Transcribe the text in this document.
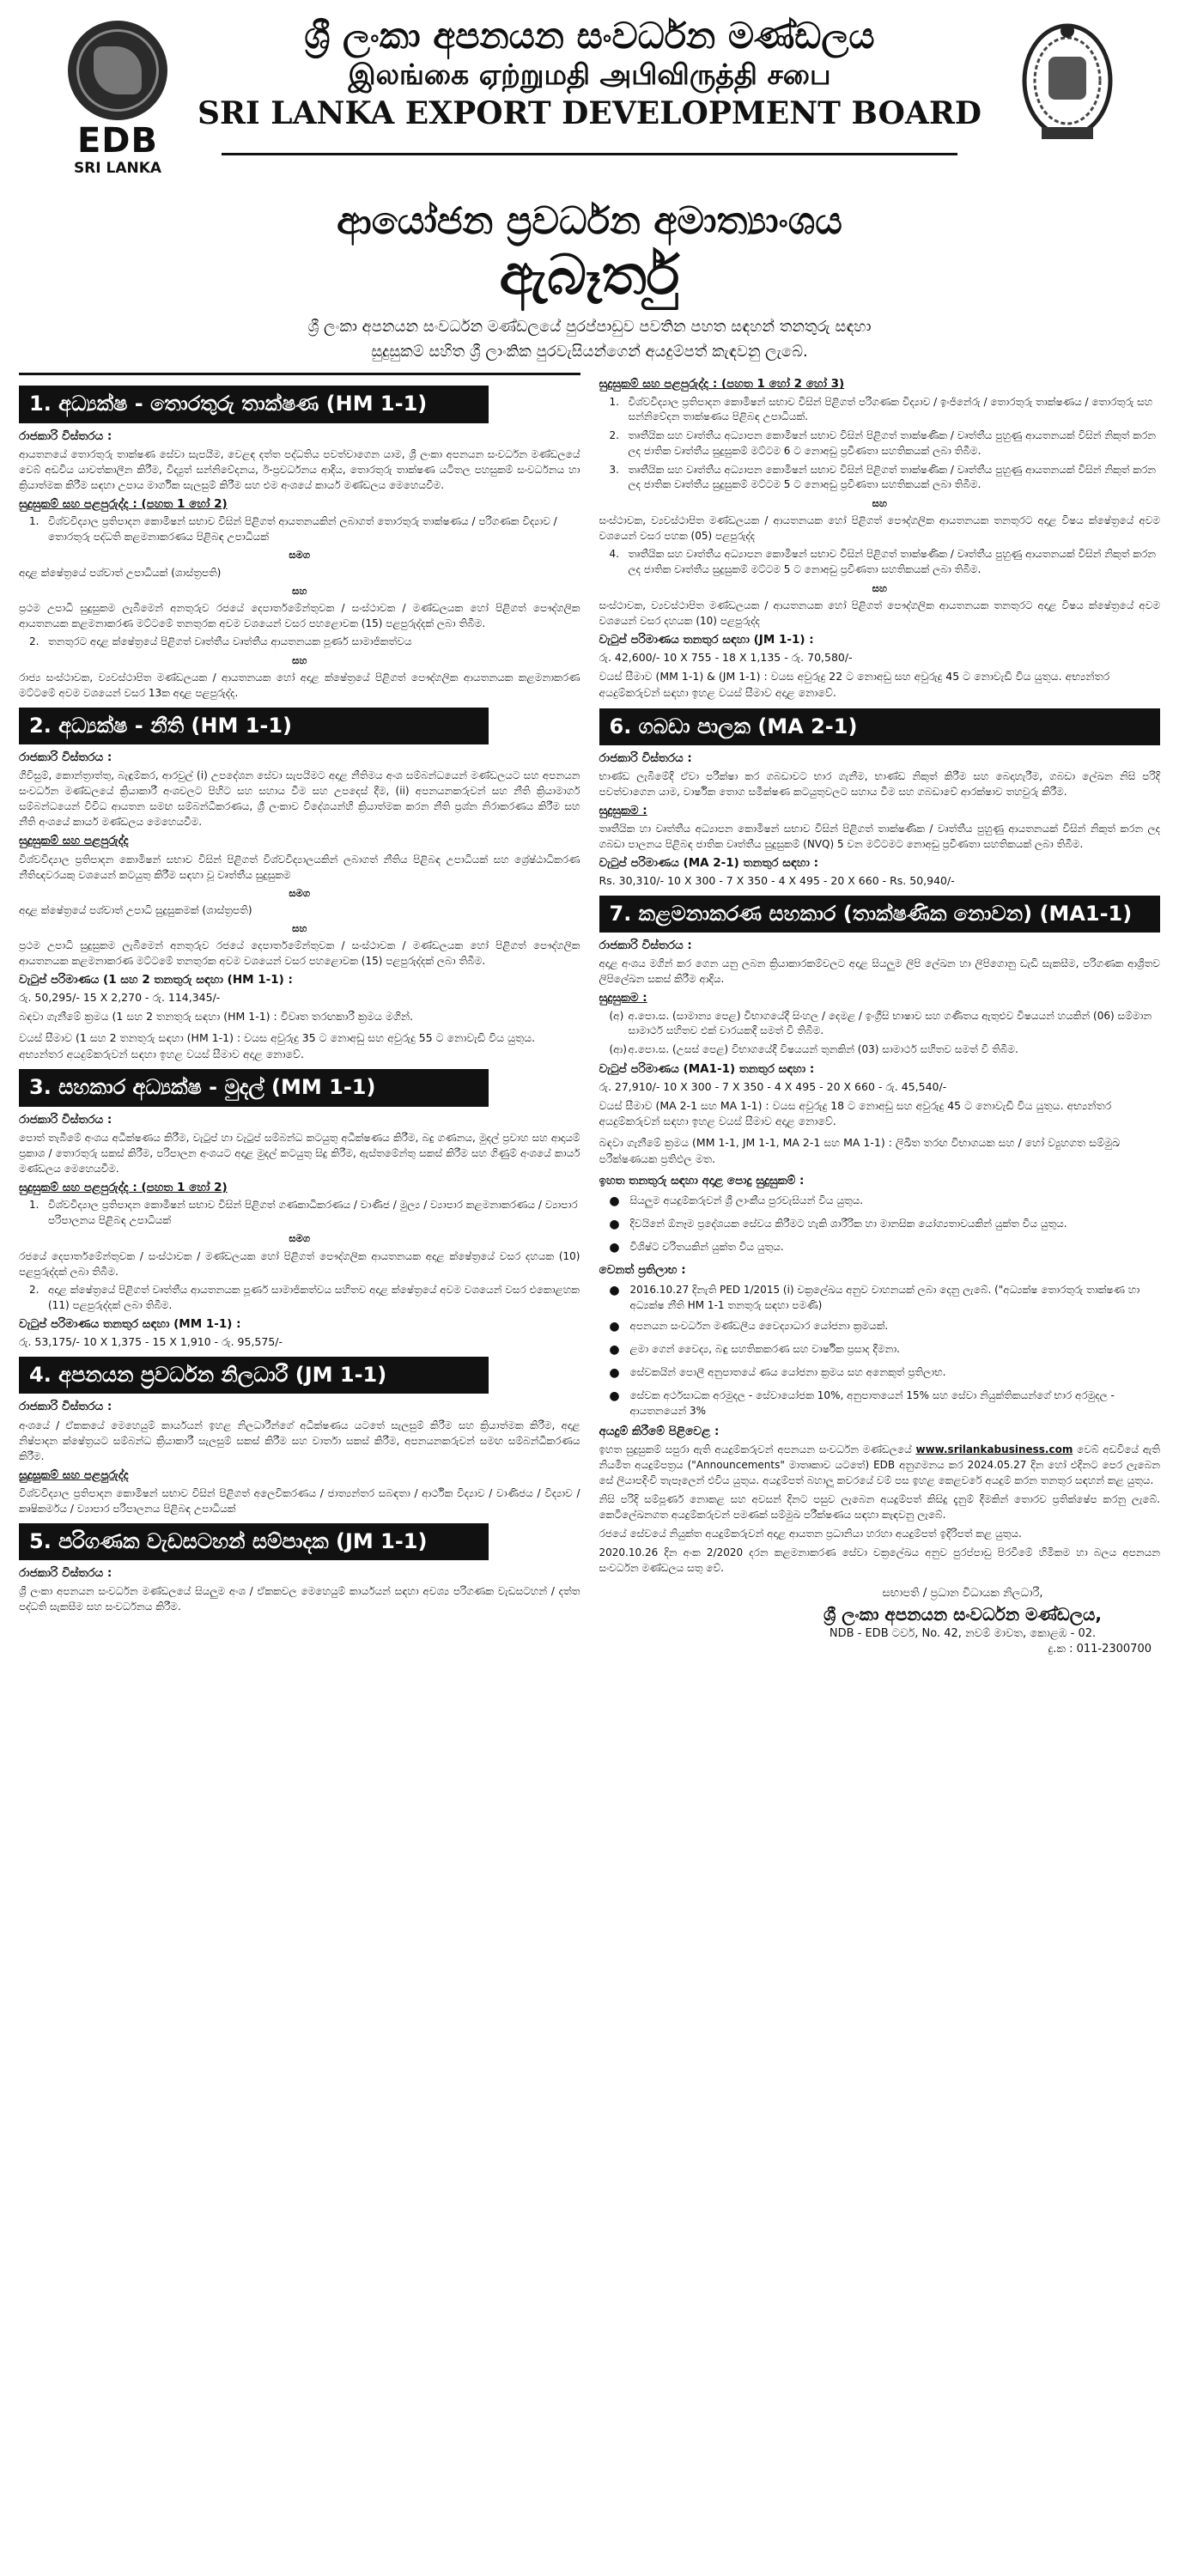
EDB
SRI LANKA
ශ්‍රී ලංකා අපනයන සංවර්ධන මණ්ඩලය
இலங்கை ஏற்றுமதி அபிவிருத்தி சபை
SRI LANKA EXPORT DEVELOPMENT BOARD
ආයෝජන ප්‍රවර්ධන අමාත්‍යාංශය
ඇබෑර්තු
ශ්‍රී ලංකා අපනයන සංවර්ධන මණ්ඩලයේ පුරප්පාඩුව පවතින පහත සඳහන් තනතුරු සඳහා
සුදුසුකම් සහිත ශ්‍රී ලාංකික පුරවැසියන්ගෙන් අයදුම්පත් කැඳවනු ලැබේ.
1. අධ්‍යක්ෂ - තොරතුරු තාක්ෂණ (HM 1-1)
රාජකාරි විස්තරය :

ආයතනයේ තොරතුරු තාක්ෂණ සේවා සැපයීම, වෙළඳ දත්ත පද්ධතිය පවත්වාගෙන යාම, ශ්‍රී ලංකා අපනයන සංවර්ධන මණ්ඩලයේ වෙබ් අඩවිය යාවත්කාලීන කිරීම, විද්‍යුත් සන්නිවේදනය, ඊ-ප්‍රවර්ධනය ආදිය, තොරතුරු තාක්ෂණ යටිතල පහසුකම් සංවර්ධනය හා ක්‍රියාත්මක කිරීම සඳහා උපාය මාර්ගික සැලසුම් කිරීම සහ එම අංශයේ කාර්ය මණ්ඩලය මෙහෙයවීම.

සුදුසුකම් සහ පළපුරුද්ද : (පහත 1 හෝ 2)
1. විශ්වවිද්‍යාල ප්‍රතිපාදන කොමිෂන් සභාව විසින් පිළිගත් ආයතනයකින් ලබාගත් තොරතුරු තාක්ෂණය / පරිගණක විද්‍යාව / තොරතුරු පද්ධති කළමනාකරණය පිළිබඳ උපාධියක්
සමග

අදාළ ක්ෂේත්‍රයේ පශ්චාත් උපාධියක් (ශාස්ත්‍රපති)

සහ

ප්‍රථම උපාධි සුදුසුකම ලැබීමෙන් අනතුරුව රජයේ දෙපාර්තමේන්තුවක / සංස්ථාවක / මණ්ඩලයක හෝ පිළිගත් පෞද්ගලික ආයතනයක කළමනාකරණ මට්ටමේ තනතුරක අවම වශයෙන් වසර පහළොවක (15) පළපුරුද්දක් ලබා තිබීම.

2. තනතුරට අදාළ ක්ෂේත්‍රයේ පිළිගත් වෘත්තීය වෘත්තීය ආයතනයක පූර්ණ සාමාජිකත්වය
සහ

රාජ්‍ය සංස්ථාවක, ව්‍යවස්ථාපිත මණ්ඩලයක / ආයතනයක හෝ අදාළ ක්ෂේත්‍රයේ පිළිගත් පෞද්ගලික ආයතනයක කළමනාකරණ මට්ටමේ අවම වශයෙන් වසර 13ක අදාළ පළපුරුද්ද.

2. අධ්‍යක්ෂ - නීති (HM 1-1)
රාජකාරි විස්තරය :

ගිවිසුම්, කොන්ත්‍රාත්තු, බැඳුම්කර, ආරවුල් (i) උපදේශන සේවා සැපයීමට අදාළ නීතිමය අංශ සම්බන්ධයෙන් මණ්ඩලයට සහ අපනයන සංවර්ධන මණ්ඩලයේ ක්‍රියාකාරී අංශවලට පිහිට සහ සහාය වීම සහ උපදෙස් දීම, (ii) අපනයනකරුවන් සහ නීති ක්‍රියාමාර්ග සම්බන්ධයෙන් විවිධ ආයතන සමඟ සම්බන්ධීකරණය, ශ්‍රී ලංකාව විදේශයන්හි ක්‍රියාත්මක කරන නීති ප්‍රශ්න නිරාකරණය කිරීම සහ නීති අංශයේ කාර්ය මණ්ඩලය මෙහෙයවීම.

සුදුසුකම් සහ පළපුරුද්ද

විශ්වවිද්‍යාල ප්‍රතිපාදන කොමිෂන් සභාව විසින් පිළිගත් විශ්වවිද්‍යාලයකින් ලබාගත් නීතිය පිළිබඳ උපාධියක් සහ ශ්‍රේෂ්ඨාධිකරණ නීතිඥවරයකු වශයෙන් කටයුතු කිරීම සඳහා වූ වෘත්තීය සුදුසුකම

සමග

අදාළ ක්ෂේත්‍රයේ පශ්චාත් උපාධි සුදුසුකමක් (ශාස්ත්‍රපති)

සහ

ප්‍රථම උපාධි සුදුසුකම ලැබීමෙන් අනතුරුව රජයේ දෙපාර්තමේන්තුවක / සංස්ථාවක / මණ්ඩලයක හෝ පිළිගත් පෞද්ගලික ආයතනයක කළමනාකරණ මට්ටමේ තනතුරක අවම වශයෙන් වසර පහළොවක (15) පළපුරුද්දක් ලබා තිබීම.

වැටුප් පරිමාණය (1 සහ 2 තනතුරු සඳහා (HM 1-1) :
රු. 50,295/- 15 X 2,270 - රු. 114,345/-
බඳවා ගැනීමේ ක්‍රමය (1 සහ 2 තනතුරු සඳහා (HM 1-1) : විවෘත තරඟකාරී ක්‍රමය මගින්.
වයස් සීමාව (1 සහ 2 තනතුරු සඳහා (HM 1-1) : වයස අවුරුදු 35 ට නොඅඩු සහ අවුරුදු 55 ට නොවැඩි විය යුතුය. අභ්‍යන්තර අයදුම්කරුවන් සඳහා ඉහළ වයස් සීමාව අදාළ නොවේ.
3. සහකාර අධ්‍යක්ෂ - මුදල් (MM 1-1)
රාජකාරි විස්තරය :

පොත් තැබීමේ අංශය අධීක්ෂණය කිරීම, වැටුප් හා වැටුප් සම්බන්ධ කටයුතු අධීක්ෂණය කිරීම, බදු ගණනය, මුදල් ප්‍රවාහ සහ ආදායම් ප්‍රකාශ / තොරතුරු සකස් කිරීම, පරිපාලන අංශයට අදාළ මුදල් කටයුතු සිදු කිරීම, ඇස්තමේන්තු සකස් කිරීම සහ ගිණුම් අංශයේ කාර්ය මණ්ඩලය මෙහෙයවීම.

සුදුසුකම් සහ පළපුරුද්ද : (පහත 1 හෝ 2)
1. විශ්වවිද්‍යාල ප්‍රතිපාදන කොමිෂන් සභාව විසින් පිළිගත් ගණකාධිකරණය / වාණිජ / මුල්‍ය / ව්‍යාපාර කළමනාකරණය / ව්‍යාපාර පරිපාලනය පිළිබඳ උපාධියක්
සමග

රජයේ දෙපාර්තමේන්තුවක / සංස්ථාවක / මණ්ඩලයක හෝ පිළිගත් පෞද්ගලික ආයතනයක අදාළ ක්ෂේත්‍රයේ වසර දහයක (10) පළපුරුද්දක් ලබා තිබීම.

2. අදාළ ක්ෂේත්‍රයේ පිළිගත් වෘත්තීය ආයතනයක පූර්ණ සාමාජිකත්වය සහිතව අදාළ ක්ෂේත්‍රයේ අවම වශයෙන් වසර එකොළහක (11) පළපුරුද්දක් ලබා තිබීම.
වැටුප් පරිමාණය තනතුර සඳහා (MM 1-1) :
රු. 53,175/- 10 X 1,375 - 15 X 1,910 - රු. 95,575/-
4. අපනයන ප්‍රවර්ධන නිලධාරී (JM 1-1)
රාජකාරි විස්තරය :

අංශයේ / ඒකකයේ මෙහෙයුම් කාර්යයන් ඉහළ නිලධාරීන්ගේ අධීක්ෂණය යටතේ සැලසුම් කිරීම සහ ක්‍රියාත්මක කිරීම, අදාළ නිෂ්පාදන ක්ෂේත්‍රයට සම්බන්ධ ක්‍රියාකාරී සැලසුම් සකස් කිරීම සහ වාර්තා සකස් කිරීම, අපනයනකරුවන් සමඟ සම්බන්ධීකරණය කිරීම.

සුදුසුකම් සහ පළපුරුද්ද

විශ්වවිද්‍යාල ප්‍රතිපාදන කොමිෂන් සභාව විසින් පිළිගත් අලෙවිකරණය / ජාත්‍යන්තර සබඳතා / ආර්ථික විද්‍යාව / වාණිජය / විද්‍යාව / කෘෂිකර්මය / ව්‍යාපාර පරිපාලනය පිළිබඳ උපාධියක්

5. පරිගණක වැඩසටහන් සම්පාදක (JM 1-1)
රාජකාරි විස්තරය :

ශ්‍රී ලංකා අපනයන සංවර්ධන මණ්ඩලයේ සියලුම අංශ / ඒකකවල මෙහෙයුම් කාර්යයන් සඳහා අවශ්‍ය පරිගණක වැඩසටහන් / දත්ත පද්ධති සැකසීම සහ සංවර්ධනය කිරීම.

සුදුසුකම් සහ පළපුරුද්ද : (පහත 1 හෝ 2 හෝ 3)
1. විශ්වවිද්‍යාල ප්‍රතිපාදන කොමිෂන් සභාව විසින් පිළිගත් පරිගණක විද්‍යාව / ඉංජිනේරු / තොරතුරු තාක්ෂණය / තොරතුරු සහ සන්නිවේදන තාක්ෂණය පිළිබඳ උපාධියක්.
2. තෘතීයික සහ වෘත්තීය අධ්‍යාපන කොමිෂන් සභාව විසින් පිළිගත් තාක්ෂණික / වෘත්තීය පුහුණු ආයතනයක් විසින් නිකුත් කරන ලද ජාතික වෘත්තීය සුදුසුකම් මට්ටම 6 ට නොඅඩු ප්‍රවීණතා සහතිකයක් ලබා තිබීම.
3. තෘතීයික සහ වෘත්තීය අධ්‍යාපන කොමිෂන් සභාව විසින් පිළිගත් තාක්ෂණික / වෘත්තීය පුහුණු ආයතනයක් විසින් නිකුත් කරන ලද ජාතික වෘත්තීය සුදුසුකම් මට්ටම 5 ට නොඅඩු ප්‍රවීණතා සහතිකයක් ලබා තිබීම.
සහ

සංස්ථාවක, ව්‍යවස්ථාපිත මණ්ඩලයක / ආයතනයක හෝ පිළිගත් පෞද්ගලික ආයතනයක තනතුරට අදාළ විෂය ක්ෂේත්‍රයේ අවම වශයෙන් වසර පහක (05) පළපුරුද්ද

4. තෘතීයික සහ වෘත්තීය අධ්‍යාපන කොමිෂන් සභාව විසින් පිළිගත් තාක්ෂණික / වෘත්තීය පුහුණු ආයතනයක් විසින් නිකුත් කරන ලද ජාතික වෘත්තීය සුදුසුකම් මට්ටම 5 ට නොඅඩු ප්‍රවීණතා සහතිකයක් ලබා තිබීම.
සහ

සංස්ථාවක, ව්‍යවස්ථාපිත මණ්ඩලයක / ආයතනයක හෝ පිළිගත් පෞද්ගලික ආයතනයක තනතුරට අදාළ විෂය ක්ෂේත්‍රයේ අවම වශයෙන් වසර දහයක (10) පළපුරුද්ද

වැටුප් පරිමාණය තනතුර සඳහා (JM 1-1) :
රු. 42,600/- 10 X 755 - 18 X 1,135 - රු. 70,580/-
වයස් සීමාව (MM 1-1) & (JM 1-1) : වයස අවුරුදු 22 ට නොඅඩු සහ අවුරුදු 45 ට නොවැඩි විය යුතුය. අභ්‍යන්තර අයදුම්කරුවන් සඳහා ඉහළ වයස් සීමාව අදාළ නොවේ.
6. ගබඩා පාලක (MA 2-1)
රාජකාරි විස්තරය :

භාණ්ඩ ලැබීමේදී ඒවා පරීක්ෂා කර ගබඩාවට භාර ගැනීම, භාණ්ඩ නිකුත් කිරීම සහ බෙදාහැරීම, ගබඩා ලේඛන නිසි පරිදි පවත්වාගෙන යාම, වාර්ෂික තොග සමීක්ෂණ කටයුතුවලට සහාය වීම සහ ගබඩාවේ ආරක්ෂාව තහවුරු කිරීම.

සුදුසුකම :

තෘතීයික හා වෘත්තීය අධ්‍යාපන කොමිෂන් සභාව විසින් පිළිගත් තාක්ෂණික / වෘත්තීය පුහුණු ආයතනයක් විසින් නිකුත් කරන ලද ගබඩා පාලනය පිළිබඳ ජාතික වෘත්තීය සුදුසුකම් (NVQ) 5 වන මට්ටමට නොඅඩු ප්‍රවීණතා සහතිකයක් ලබා තිබීම.

වැටුප් පරිමාණය (MA 2-1) තනතුර සඳහා :
Rs. 30,310/- 10 X 300 - 7 X 350 - 4 X 495 - 20 X 660 - Rs. 50,940/-
7. කළමනාකරණ සහකාර (තාක්ෂණික නොවන) (MA1-1)
රාජකාරි විස්තරය :

අදාළ අංශය මගින් කර ගෙන යනු ලබන ක්‍රියාකාරකම්වලට අදාළ සියලුම ලිපි ලේඛන හා ලිපිගොනු ඩැඩි සැකසීම, පරිගණක ආශ්‍රිතව ලිපිලේඛන සකස් කිරීම ආදිය.

සුදුසුකම :
(අ) අ.පො.ස. (සාමාන්‍ය පෙළ) විභාගයේදී සිංහල / දෙමළ / ඉංග්‍රීසි භාෂාව සහ ගණිතය ඇතුළුව විෂයයන් හයකින් (06) සම්මාන සාමාර්ථ සහිතව එක් වාරයකදී සමත් වී තිබීම.
(ආ) අ.පො.ස. (උසස් පෙළ) විභාගයේදී විෂයයන් තුනකින් (03) සාමාර්ථ සහිතව සමත් වී තිබීම.
වැටුප් පරිමාණය (MA1-1) තනතුර සඳහා :
රු. 27,910/- 10 X 300 - 7 X 350 - 4 X 495 - 20 X 660 - රු. 45,540/-
වයස් සීමාව (MA 2-1 සහ MA 1-1) : වයස අවුරුදු 18 ට නොඅඩු සහ අවුරුදු 45 ට නොවැඩි විය යුතුය. අභ්‍යන්තර අයදුම්කරුවන් සඳහා ඉහළ වයස් සීමාව අදාළ නොවේ.
බඳවා ගැනීමේ ක්‍රමය (MM 1-1, JM 1-1, MA 2-1 සහ MA 1-1) : ලිඛිත තරඟ විභාගයක සහ / හෝ ව්‍යුහගත සම්මුඛ පරීක්ෂණයක ප්‍රතිඵල මත.
ඉහත තනතුරු සඳහා අදාළ පොදු සුදුසුකම් :
● සියලුම අයදුම්කරුවන් ශ්‍රී ලාංකීය පුරවැසියන් විය යුතුය.
● දිවයිනේ ඕනෑම ප්‍රදේශයක සේවය කිරීමට හැකි ශාරීරික හා මානසික යෝග්‍යතාවයකින් යුක්ත විය යුතුය.
● විශිෂ්ට චරිතයකින් යුක්ත විය යුතුය.
වෙනත් ප්‍රතිලාභ :
● 2016.10.27 දිනැති PED 1/2015 (i) චක්‍රලේඛය අනුව වාහනයක් ලබා දෙනු ලැබේ. ("අධ්‍යක්ෂ තොරතුරු තාක්ෂණ හා අධ්‍යක්ෂ නීති HM 1-1 තනතුරු සඳහා පමණි)
● අපනයන සංවර්ධන මණ්ඩලීය වෛද්‍යාධාර යෝජනා ක්‍රමයක්.
● ළමා ගෙන් වෛද්‍ය, බඳු සහතිකකරණ සහ වාර්ෂික ප්‍රසාද දීමනා.
● සේවකයින් පොලී අනුපාතයේ ණය යෝජනා ක්‍රමය සහ අනෙකුත් ප්‍රතිලාභ.
● සේවක අර්ථසාධක අරමුදල - සේවායෝජක 10%, අනුපාතයෙන් 15% සහ සේවා නියුක්තිකයන්ගේ භාර අරමුදල - ආයතනයෙන් 3%
අයදුම් කිරීමේ පිළිවෙළ :

ඉහත සුදුසුකම් සපුරා ඇති අයදුම්කරුවන් අපනයන සංවර්ධන මණ්ඩලයේ www.srilankabusiness.com වෙබ් අඩවියේ ඇති නියමිත අයදුම්පත්‍රය ("Announcements" මාතෘකාව යටතේ) EDB අනුගමනය කර 2024.05.27 දින හෝ එදිනට පෙර ලැබෙන සේ ලියාපදිංචි තැපෑලෙන් එවිය යුතුය. අයදුම්පත් බහාලූ කවරයේ වම් පස ඉහළ කෙළවරේ අයදුම් කරන තනතුර සඳහන් කළ යුතුය.

නිසි පරිදි සම්පූර්ණ නොකළ සහ අවසන් දිනට පසුව ලැබෙන අයදුම්පත් කිසිදු දැනුම් දීමකින් තොරව ප්‍රතික්ෂේප කරනු ලැබේ. කෙටිලේඛනගත අයදුම්කරුවන් පමණක් සම්මුඛ පරීක්ෂණය සඳහා කැඳවනු ලැබේ.

රජයේ සේවයේ නියුක්ත අයදුම්කරුවන් අදාළ ආයතන ප්‍රධානියා හරහා අයදුම්පත් ඉදිරිපත් කළ යුතුය.

2020.10.26 දින අංක 2/2020 දරන කළමනාකරණ සේවා චක්‍රලේඛය අනුව පුරප්පාඩු පිරවීමේ හිමිකම හා බලය අපනයන සංවර්ධන මණ්ඩලය සතු වේ.

සභාපති / ප්‍රධාන විධායක නිලධාරී,
ශ්‍රී ලංකා අපනයන සංවර්ධන මණ්ඩලය,
NDB - EDB ටවර්, No. 42, නවම් මාවත, කොළඹ - 02.
දු.ක : 011-2300700
